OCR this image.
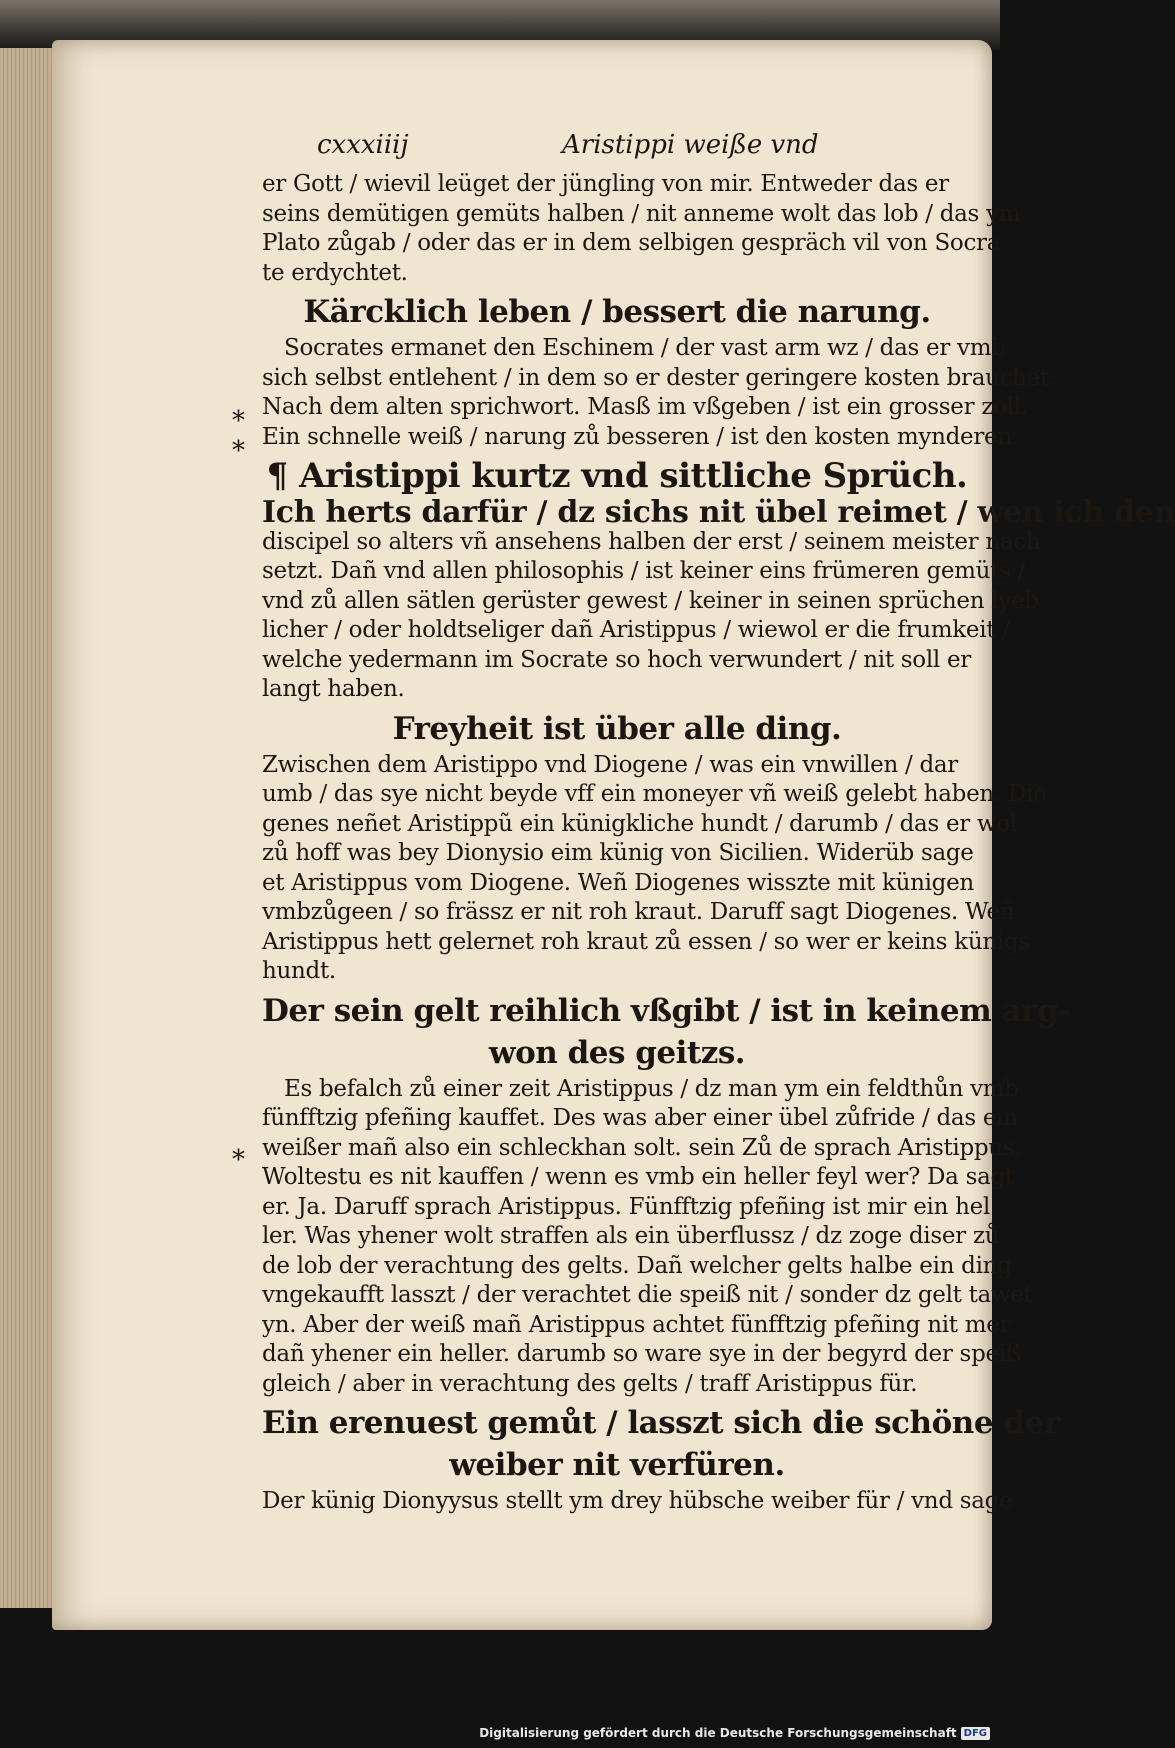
*
*
*
cxxxiiij	Aristippi weiße vnd
er Gott / wievil leüget der jüngling von mir. Entweder das er
seins demütigen gemüts halben / nit anneme wolt das lob / das ym
Plato zůgab / oder das er in dem selbigen gespräch vil von Socra
te erdychtet.
Kärcklich leben / bessert die narung.
Socrates ermanet den Eschinem / der vast arm wz / das er vmb
sich selbst entlehent / in dem so er dester geringere kosten brauchet.
Nach dem alten sprichwort. Masß im vßgeben / ist ein grosser zoll.
Ein schnelle weiß / narung zů besseren / ist den kosten mynderen.
¶ Aristippi kurtz vnd sittliche Sprüch.
Ich herts darfür / dz sichs nit übel reimet / wen ich den
discipel so alters vñ ansehens halben der erst / seinem meister nach
setzt. Dañ vnd allen philosophis / ist keiner eins frümeren gemüts /
vnd zů allen sätlen gerüster gewest / keiner in seinen sprüchen lyeb
licher / oder holdtseliger dañ Aristippus / wiewol er die frumkeit /
welche yedermann im Socrate so hoch verwundert / nit soll er
langt haben.
Freyheit ist über alle ding.
Zwischen dem Aristippo vnd Diogene / was ein vnwillen / dar
umb / das sye nicht beyde vff ein moneyer vñ weiß gelebt haben. Dio
genes neñet Aristippũ ein künigkliche hundt / darumb / das er wol
zů hoff was bey Dionysio eim künig von Sicilien. Widerüb sage
et Aristippus vom Diogene. Weñ Diogenes wisszte mit künigen
vmbzůgeen / so frässz er nit roh kraut. Daruff sagt Diogenes. Weñ
Aristippus hett gelernet roh kraut zů essen / so wer er keins künigs
hundt.
Der sein gelt reihlich vßgibt / ist in keinem arg-
won des geitzs.
Es befalch zů einer zeit Aristippus / dz man ym ein feldthůn vmb
fünfftzig pfeñing kauffet. Des was aber einer übel zůfride / das ein
weißer mañ also ein schleckhan solt. sein Zů de sprach Aristippus.
Woltestu es nit kauffen / wenn es vmb ein heller feyl wer? Da sagt
er. Ja. Daruff sprach Aristippus. Fünfftzig pfeñing ist mir ein hel
ler. Was yhener wolt straffen als ein überflussz / dz zoge diser zů
de lob der verachtung des gelts. Dañ welcher gelts halbe ein ding
vngekaufft lasszt / der verachtet die speiß nit / sonder dz gelt tawet
yn. Aber der weiß mañ Aristippus achtet fünfftzig pfeñing nit mer
dañ yhener ein heller. darumb so ware sye in der begyrd der speiß
gleich / aber in verachtung des gelts / traff Aristippus für.
Ein erenuest gemůt / lasszt sich die schöne der
weiber nit verfüren.
Der künig Dionyysus stellt ym drey hübsche weiber für / vnd sage
Digitalisierung gefördert durch die Deutsche Forschungsgemeinschaft DFG
